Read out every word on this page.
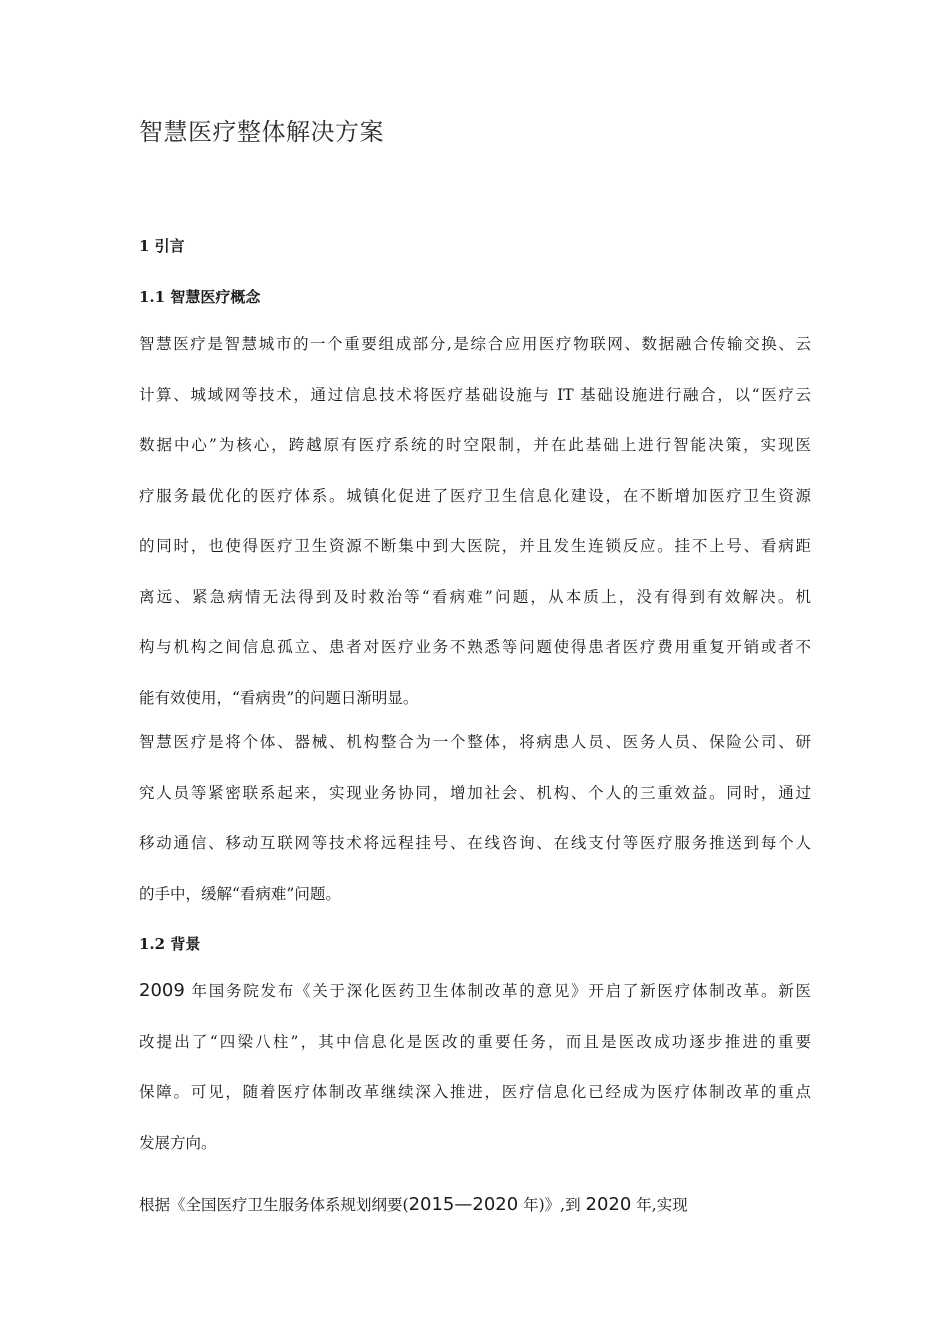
智慧医疗整体解决方案
1 引言
1.1 智慧医疗概念
智慧医疗是智慧城市的一个重要组成部分,是综合应用医疗物联网、数据融合传输交换、云
计算、城域网等技术，通过信息技术将医疗基础设施与 IT 基础设施进行融合，以“医疗云
数据中心”为核心，跨越原有医疗系统的时空限制，并在此基础上进行智能决策，实现医
疗服务最优化的医疗体系。城镇化促进了医疗卫生信息化建设，在不断增加医疗卫生资源
的同时，也使得医疗卫生资源不断集中到大医院，并且发生连锁反应。挂不上号、看病距
离远、紧急病情无法得到及时救治等“看病难”问题，从本质上，没有得到有效解决。机
构与机构之间信息孤立、患者对医疗业务不熟悉等问题使得患者医疗费用重复开销或者不
能有效使用，“看病贵”的问题日渐明显。
智慧医疗是将个体、器械、机构整合为一个整体，将病患人员、医务人员、保险公司、研
究人员等紧密联系起来，实现业务协同，增加社会、机构、个人的三重效益。同时，通过
移动通信、移动互联网等技术将远程挂号、在线咨询、在线支付等医疗服务推送到每个人
的手中，缓解“看病难”问题。
1.2 背景
2009 年国务院发布《关于深化医药卫生体制改革的意见》开启了新医疗体制改革。新医
改提出了“四梁八柱”，其中信息化是医改的重要任务，而且是医改成功逐步推进的重要
保障。可见，随着医疗体制改革继续深入推进，医疗信息化已经成为医疗体制改革的重点
发展方向。
根据《全国医疗卫生服务体系规划纲要(2015—2020 年)》,到 2020 年,实现
